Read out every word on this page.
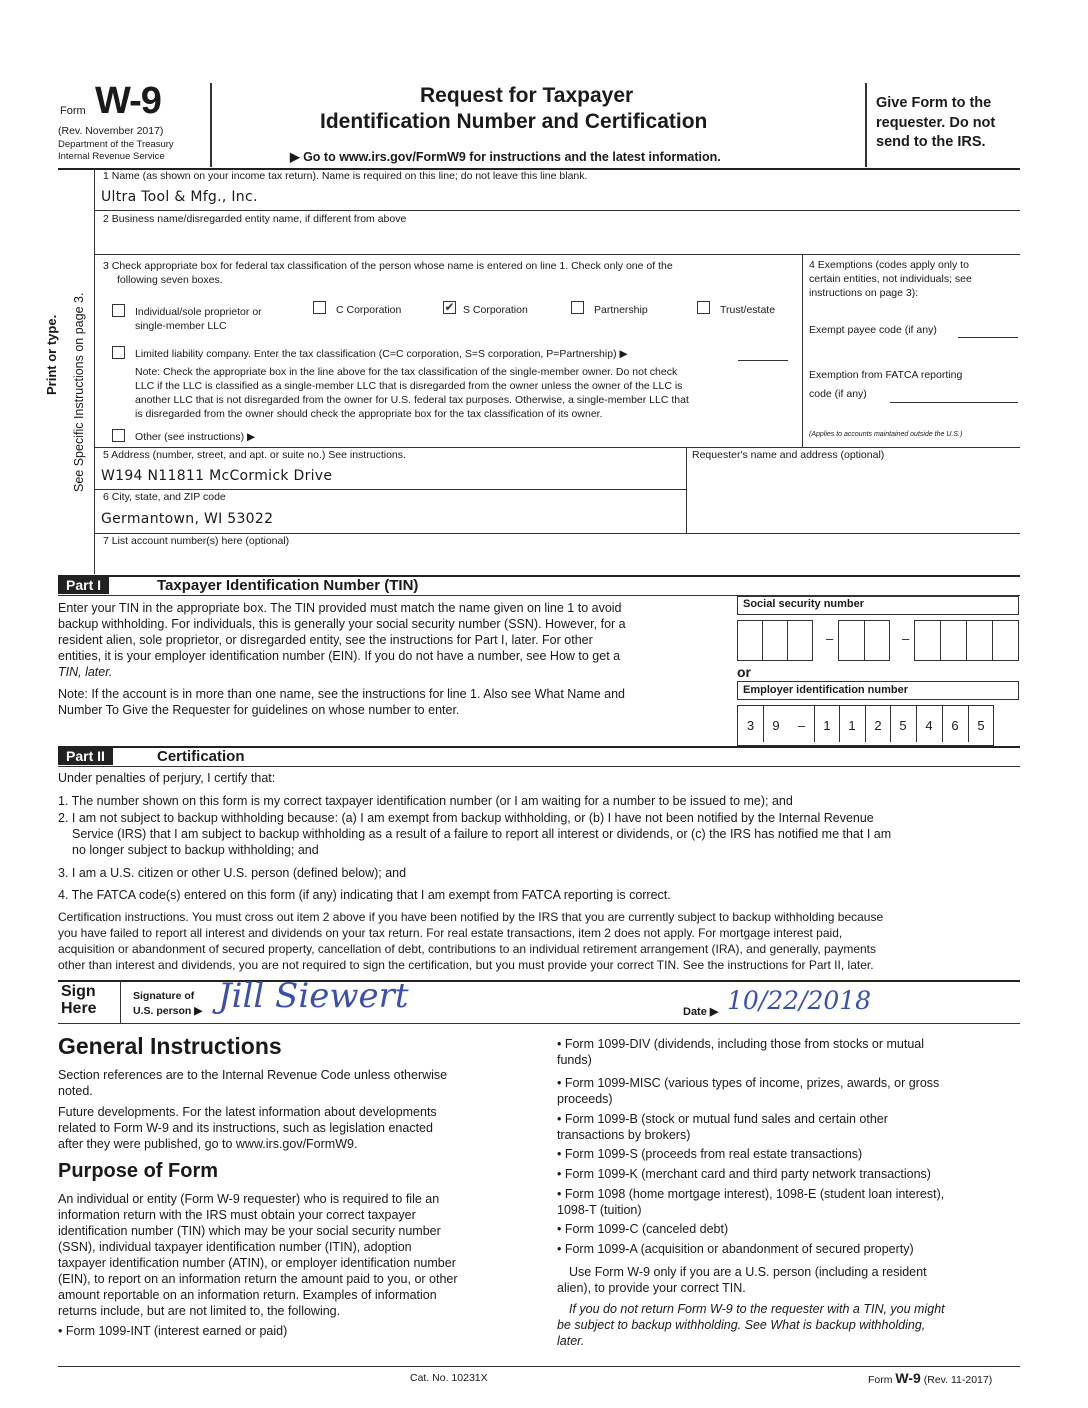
Form W-9
(Rev. November 2017)
Department of the Treasury
Internal Revenue Service
Request for Taxpayer
Identification Number and Certification
▶ Go to www.irs.gov/FormW9 for instructions and the latest information.
Give Form to the
requester. Do not
send to the IRS.
Print or type. See Specific Instructions on page 3.
1 Name (as shown on your income tax return). Name is required on this line; do not leave this line blank.
Ultra Tool & Mfg., Inc.
2 Business name/disregarded entity name, if different from above
3 Check appropriate box for federal tax classification of the person whose name is entered on line 1. Check only one of the
following seven boxes.
Individual/sole proprietor or
single-member LLC
C Corporation	✔ S Corporation	Partnership	Trust/estate
Limited liability company. Enter the tax classification (C=C corporation, S=S corporation, P=Partnership) ▶
Note: Check the appropriate box in the line above for the tax classification of the single-member owner. Do not check
LLC if the LLC is classified as a single-member LLC that is disregarded from the owner unless the owner of the LLC is
another LLC that is not disregarded from the owner for U.S. federal tax purposes. Otherwise, a single-member LLC that
is disregarded from the owner should check the appropriate box for the tax classification of its owner.
Other (see instructions) ▶
4 Exemptions (codes apply only to
certain entities, not individuals; see
instructions on page 3):
Exempt payee code (if any)
Exemption from FATCA reporting
code (if any)
(Applies to accounts maintained outside the U.S.)
5 Address (number, street, and apt. or suite no.) See instructions.
W194 N11811 McCormick Drive
Requester's name and address (optional)
6 City, state, and ZIP code
Germantown, WI 53022
7 List account number(s) here (optional)
Part I	Taxpayer Identification Number (TIN)
Enter your TIN in the appropriate box. The TIN provided must match the name given on line 1 to avoid
backup withholding. For individuals, this is generally your social security number (SSN). However, for a
resident alien, sole proprietor, or disregarded entity, see the instructions for Part I, later. For other
entities, it is your employer identification number (EIN). If you do not have a number, see How to get a
TIN, later.
Note: If the account is in more than one name, see the instructions for line 1. Also see What Name and
Number To Give the Requester for guidelines on whose number to enter.
Social security number
–	–
or
Employer identification number
3	9	–	1	1	2	5	4	6	5
Part II	Certification
Under penalties of perjury, I certify that:
1. The number shown on this form is my correct taxpayer identification number (or I am waiting for a number to be issued to me); and
2. I am not subject to backup withholding because: (a) I am exempt from backup withholding, or (b) I have not been notified by the Internal Revenue
Service (IRS) that I am subject to backup withholding as a result of a failure to report all interest or dividends, or (c) the IRS has notified me that I am
no longer subject to backup withholding; and
3. I am a U.S. citizen or other U.S. person (defined below); and
4. The FATCA code(s) entered on this form (if any) indicating that I am exempt from FATCA reporting is correct.
Certification instructions. You must cross out item 2 above if you have been notified by the IRS that you are currently subject to backup withholding because
you have failed to report all interest and dividends on your tax return. For real estate transactions, item 2 does not apply. For mortgage interest paid,
acquisition or abandonment of secured property, cancellation of debt, contributions to an individual retirement arrangement (IRA), and generally, payments
other than interest and dividends, you are not required to sign the certification, but you must provide your correct TIN. See the instructions for Part II, later.
Sign
Here
Signature of
U.S. person ▶ Jill Siewert	Date ▶ 10/22/2018
General Instructions
Section references are to the Internal Revenue Code unless otherwise
noted.
Future developments. For the latest information about developments
related to Form W-9 and its instructions, such as legislation enacted
after they were published, go to www.irs.gov/FormW9.
Purpose of Form
An individual or entity (Form W-9 requester) who is required to file an
information return with the IRS must obtain your correct taxpayer
identification number (TIN) which may be your social security number
(SSN), individual taxpayer identification number (ITIN), adoption
taxpayer identification number (ATIN), or employer identification number
(EIN), to report on an information return the amount paid to you, or other
amount reportable on an information return. Examples of information
returns include, but are not limited to, the following.
• Form 1099-INT (interest earned or paid)
• Form 1099-DIV (dividends, including those from stocks or mutual
funds)
• Form 1099-MISC (various types of income, prizes, awards, or gross
proceeds)
• Form 1099-B (stock or mutual fund sales and certain other
transactions by brokers)
• Form 1099-S (proceeds from real estate transactions)
• Form 1099-K (merchant card and third party network transactions)
• Form 1098 (home mortgage interest), 1098-E (student loan interest),
1098-T (tuition)
• Form 1099-C (canceled debt)
• Form 1099-A (acquisition or abandonment of secured property)
Use Form W-9 only if you are a U.S. person (including a resident
alien), to provide your correct TIN.
If you do not return Form W-9 to the requester with a TIN, you might
be subject to backup withholding. See What is backup withholding,
later.
Cat. No. 10231X	Form W-9 (Rev. 11-2017)
